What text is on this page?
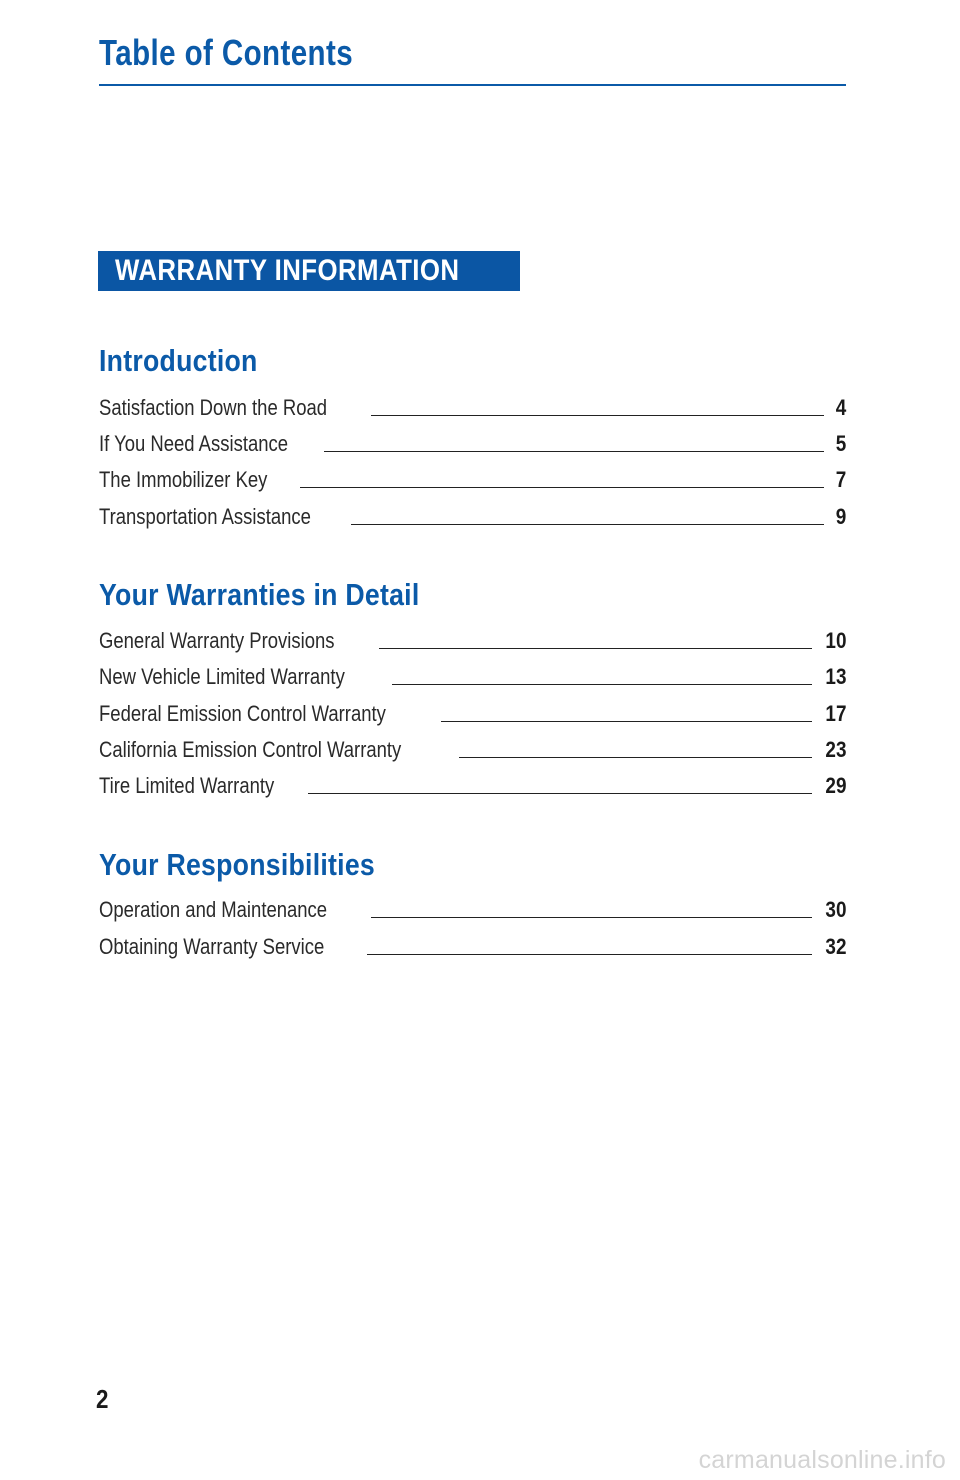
Table of Contents
WARRANTY INFORMATION
Introduction
Satisfaction Down the Road	4
If You Need Assistance	5
The Immobilizer Key	7
Transportation Assistance	9
Your Warranties in Detail
General Warranty Provisions	10
New Vehicle Limited Warranty	13
Federal Emission Control Warranty	17
California Emission Control Warranty	23
Tire Limited Warranty	29
Your Responsibilities
Operation and Maintenance	30
Obtaining Warranty Service	32
2
carmanualsonline.info
